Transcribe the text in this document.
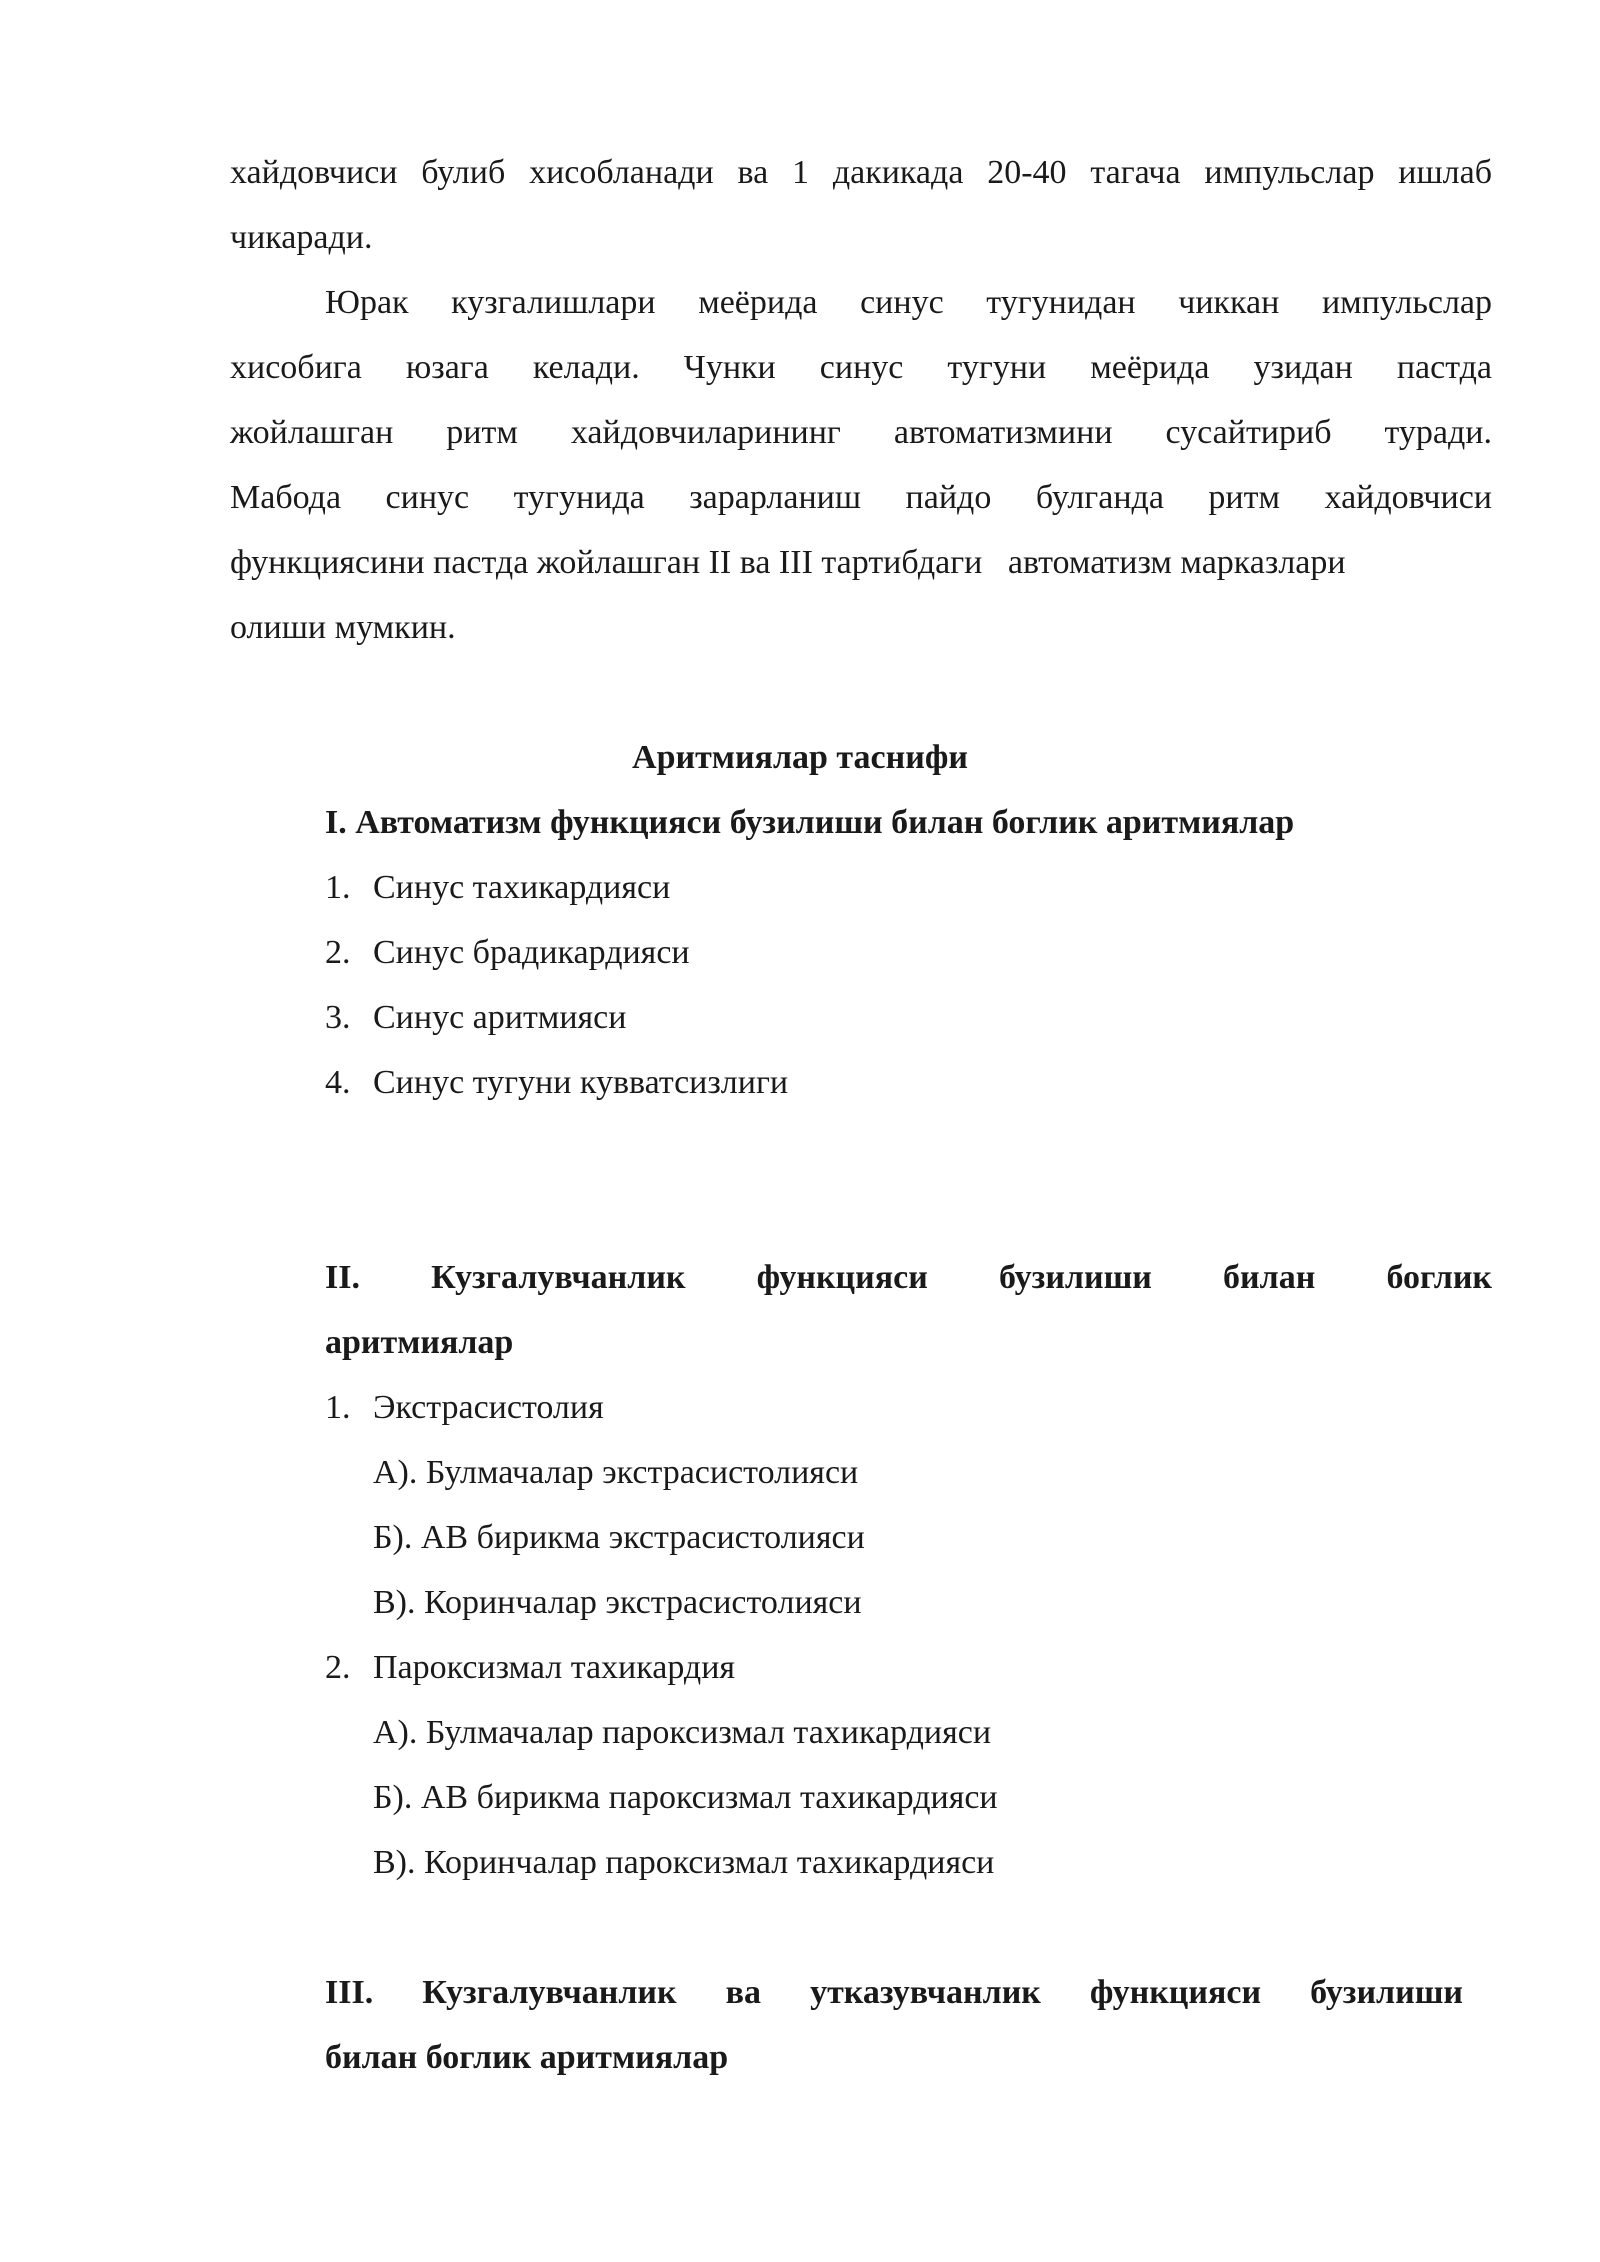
хайдовчиси булиб хисобланади ва 1 дакикада 20-40 тагача импульслар ишлаб
чикаради.
Юрак кузгалишлари меёрида синус тугунидан чиккан импульслар
хисобига юзага келади. Чунки синус тугуни меёрида узидан пастда
жойлашган ритм хайдовчиларининг автоматизмини сусайтириб туради.
Мабода синус тугунида зарарланиш пайдо булганда ритм хайдовчиси
функциясини пастда жойлашган II ва III тартибдаги   автоматизм марказлари
олиши мумкин.
Аритмиялар таснифи
I. Автоматизм функцияси бузилиши билан боглик аритмиялар
1. Синус тахикардияси
2. Синус брадикардияси
3. Синус аритмияси
4. Синус тугуни кувватсизлиги
II. Кузгалувчанлик функцияси бузилиши билан боглик
аритмиялар
1. Экстрасистолия
А). Булмачалар экстрасистолияси
Б). АВ бирикма экстрасистолияси
В). Коринчалар экстрасистолияси
2. Пароксизмал тахикардия
А). Булмачалар пароксизмал тахикардияси
Б). АВ бирикма пароксизмал тахикардияси
В). Коринчалар пароксизмал тахикардияси
III. Кузгалувчанлик ва утказувчанлик функцияси бузилиши
билан боглик аритмиялар
